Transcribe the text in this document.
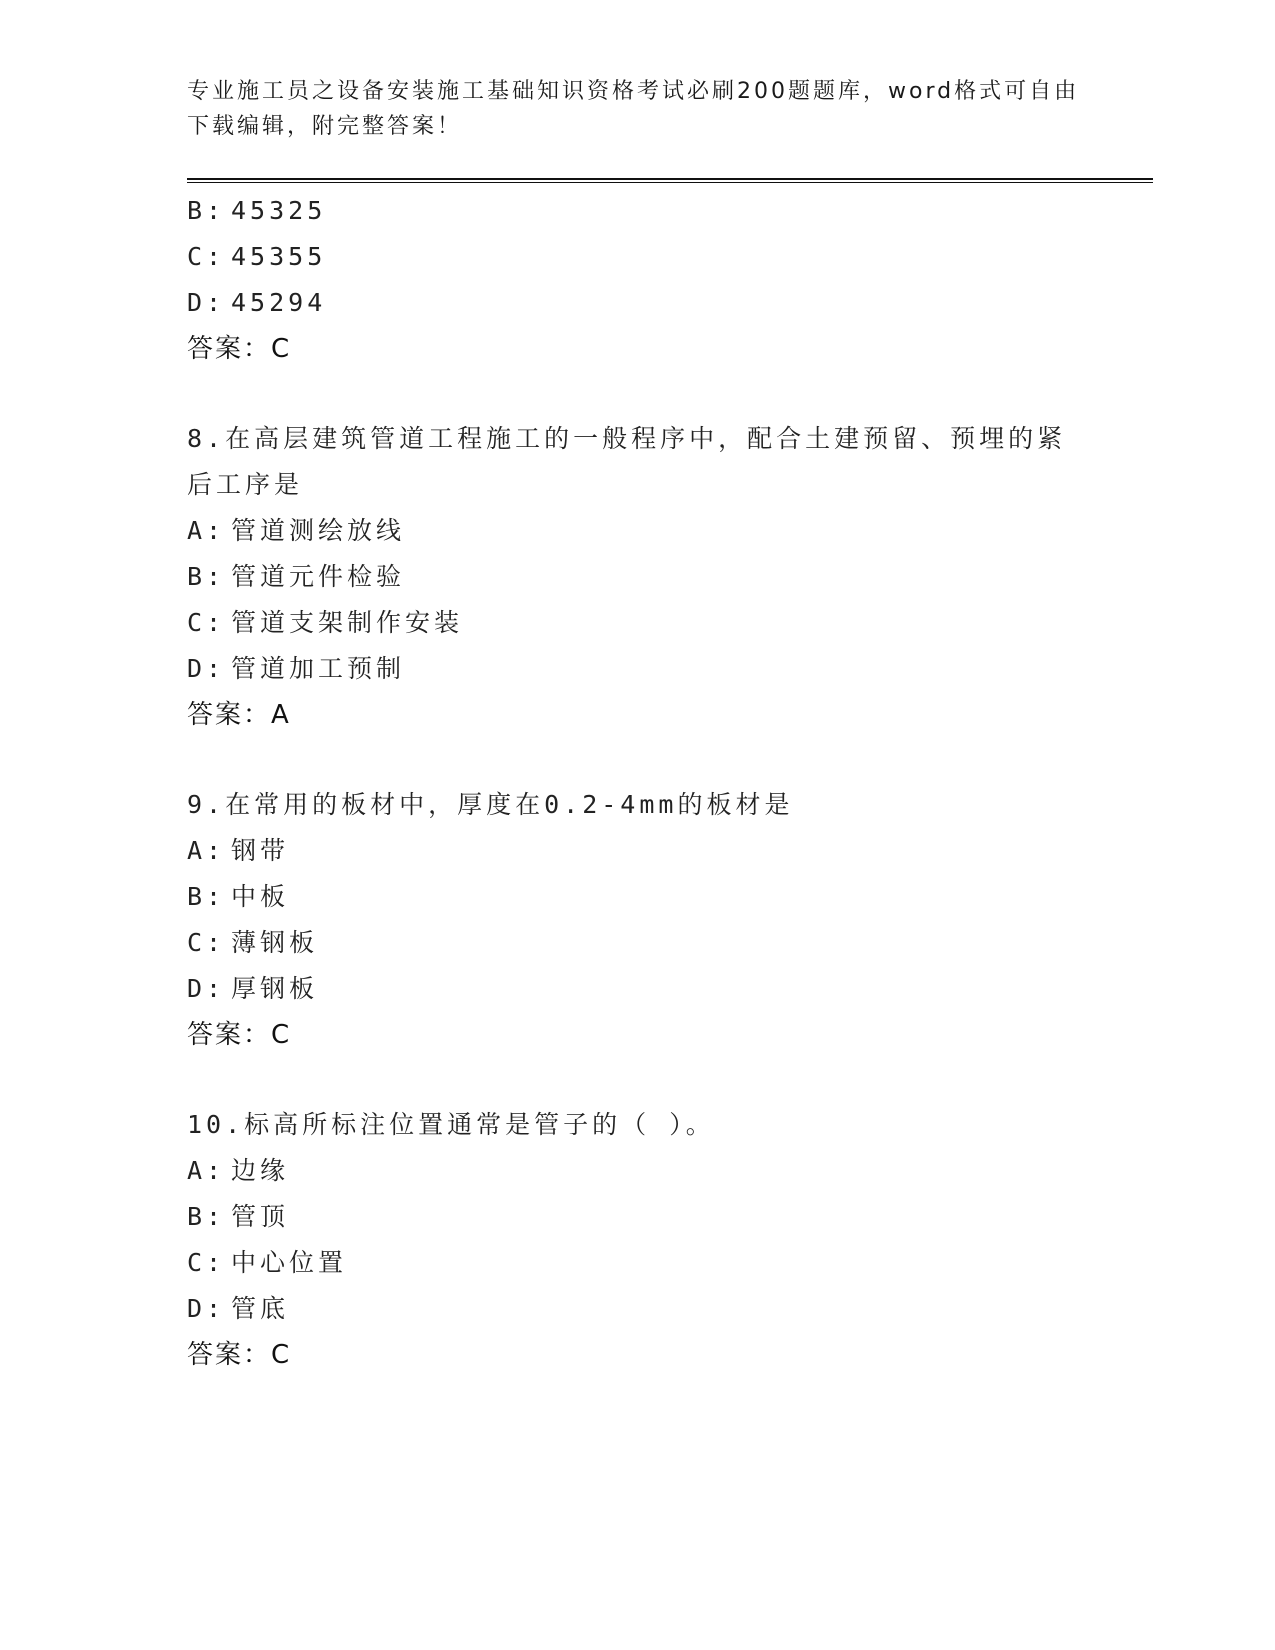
专业施工员之设备安装施工基础知识资格考试必刷200题题库，word格式可自由
下载编辑，附完整答案！
B: 45325
C: 45355
D: 45294
答案：C
8.在高层建筑管道工程施工的一般程序中，配合土建预留、预埋的紧
后工序是
A: 管道测绘放线
B: 管道元件检验
C: 管道支架制作安装
D: 管道加工预制
答案：A
9.在常用的板材中，厚度在0.2-4mm的板材是
A: 钢带
B: 中板
C: 薄钢板
D: 厚钢板
答案：C
10.标高所标注位置通常是管子的（ ）。
A: 边缘
B: 管顶
C: 中心位置
D: 管底
答案：C
